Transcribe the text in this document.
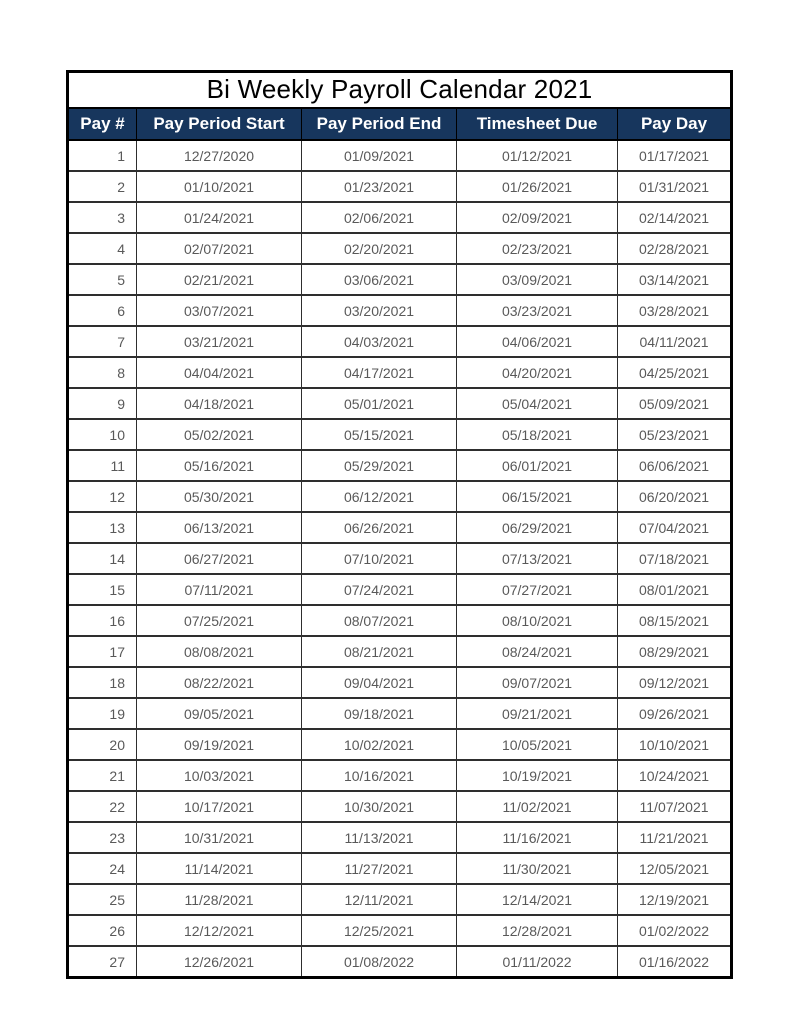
Bi Weekly Payroll Calendar 2021				
Pay #	Pay Period Start	Pay Period End	Timesheet Due	Pay Day
1	12/27/2020	01/09/2021	01/12/2021	01/17/2021
2	01/10/2021	01/23/2021	01/26/2021	01/31/2021
3	01/24/2021	02/06/2021	02/09/2021	02/14/2021
4	02/07/2021	02/20/2021	02/23/2021	02/28/2021
5	02/21/2021	03/06/2021	03/09/2021	03/14/2021
6	03/07/2021	03/20/2021	03/23/2021	03/28/2021
7	03/21/2021	04/03/2021	04/06/2021	04/11/2021
8	04/04/2021	04/17/2021	04/20/2021	04/25/2021
9	04/18/2021	05/01/2021	05/04/2021	05/09/2021
10	05/02/2021	05/15/2021	05/18/2021	05/23/2021
11	05/16/2021	05/29/2021	06/01/2021	06/06/2021
12	05/30/2021	06/12/2021	06/15/2021	06/20/2021
13	06/13/2021	06/26/2021	06/29/2021	07/04/2021
14	06/27/2021	07/10/2021	07/13/2021	07/18/2021
15	07/11/2021	07/24/2021	07/27/2021	08/01/2021
16	07/25/2021	08/07/2021	08/10/2021	08/15/2021
17	08/08/2021	08/21/2021	08/24/2021	08/29/2021
18	08/22/2021	09/04/2021	09/07/2021	09/12/2021
19	09/05/2021	09/18/2021	09/21/2021	09/26/2021
20	09/19/2021	10/02/2021	10/05/2021	10/10/2021
21	10/03/2021	10/16/2021	10/19/2021	10/24/2021
22	10/17/2021	10/30/2021	11/02/2021	11/07/2021
23	10/31/2021	11/13/2021	11/16/2021	11/21/2021
24	11/14/2021	11/27/2021	11/30/2021	12/05/2021
25	11/28/2021	12/11/2021	12/14/2021	12/19/2021
26	12/12/2021	12/25/2021	12/28/2021	01/02/2022
27	12/26/2021	01/08/2022	01/11/2022	01/16/2022
